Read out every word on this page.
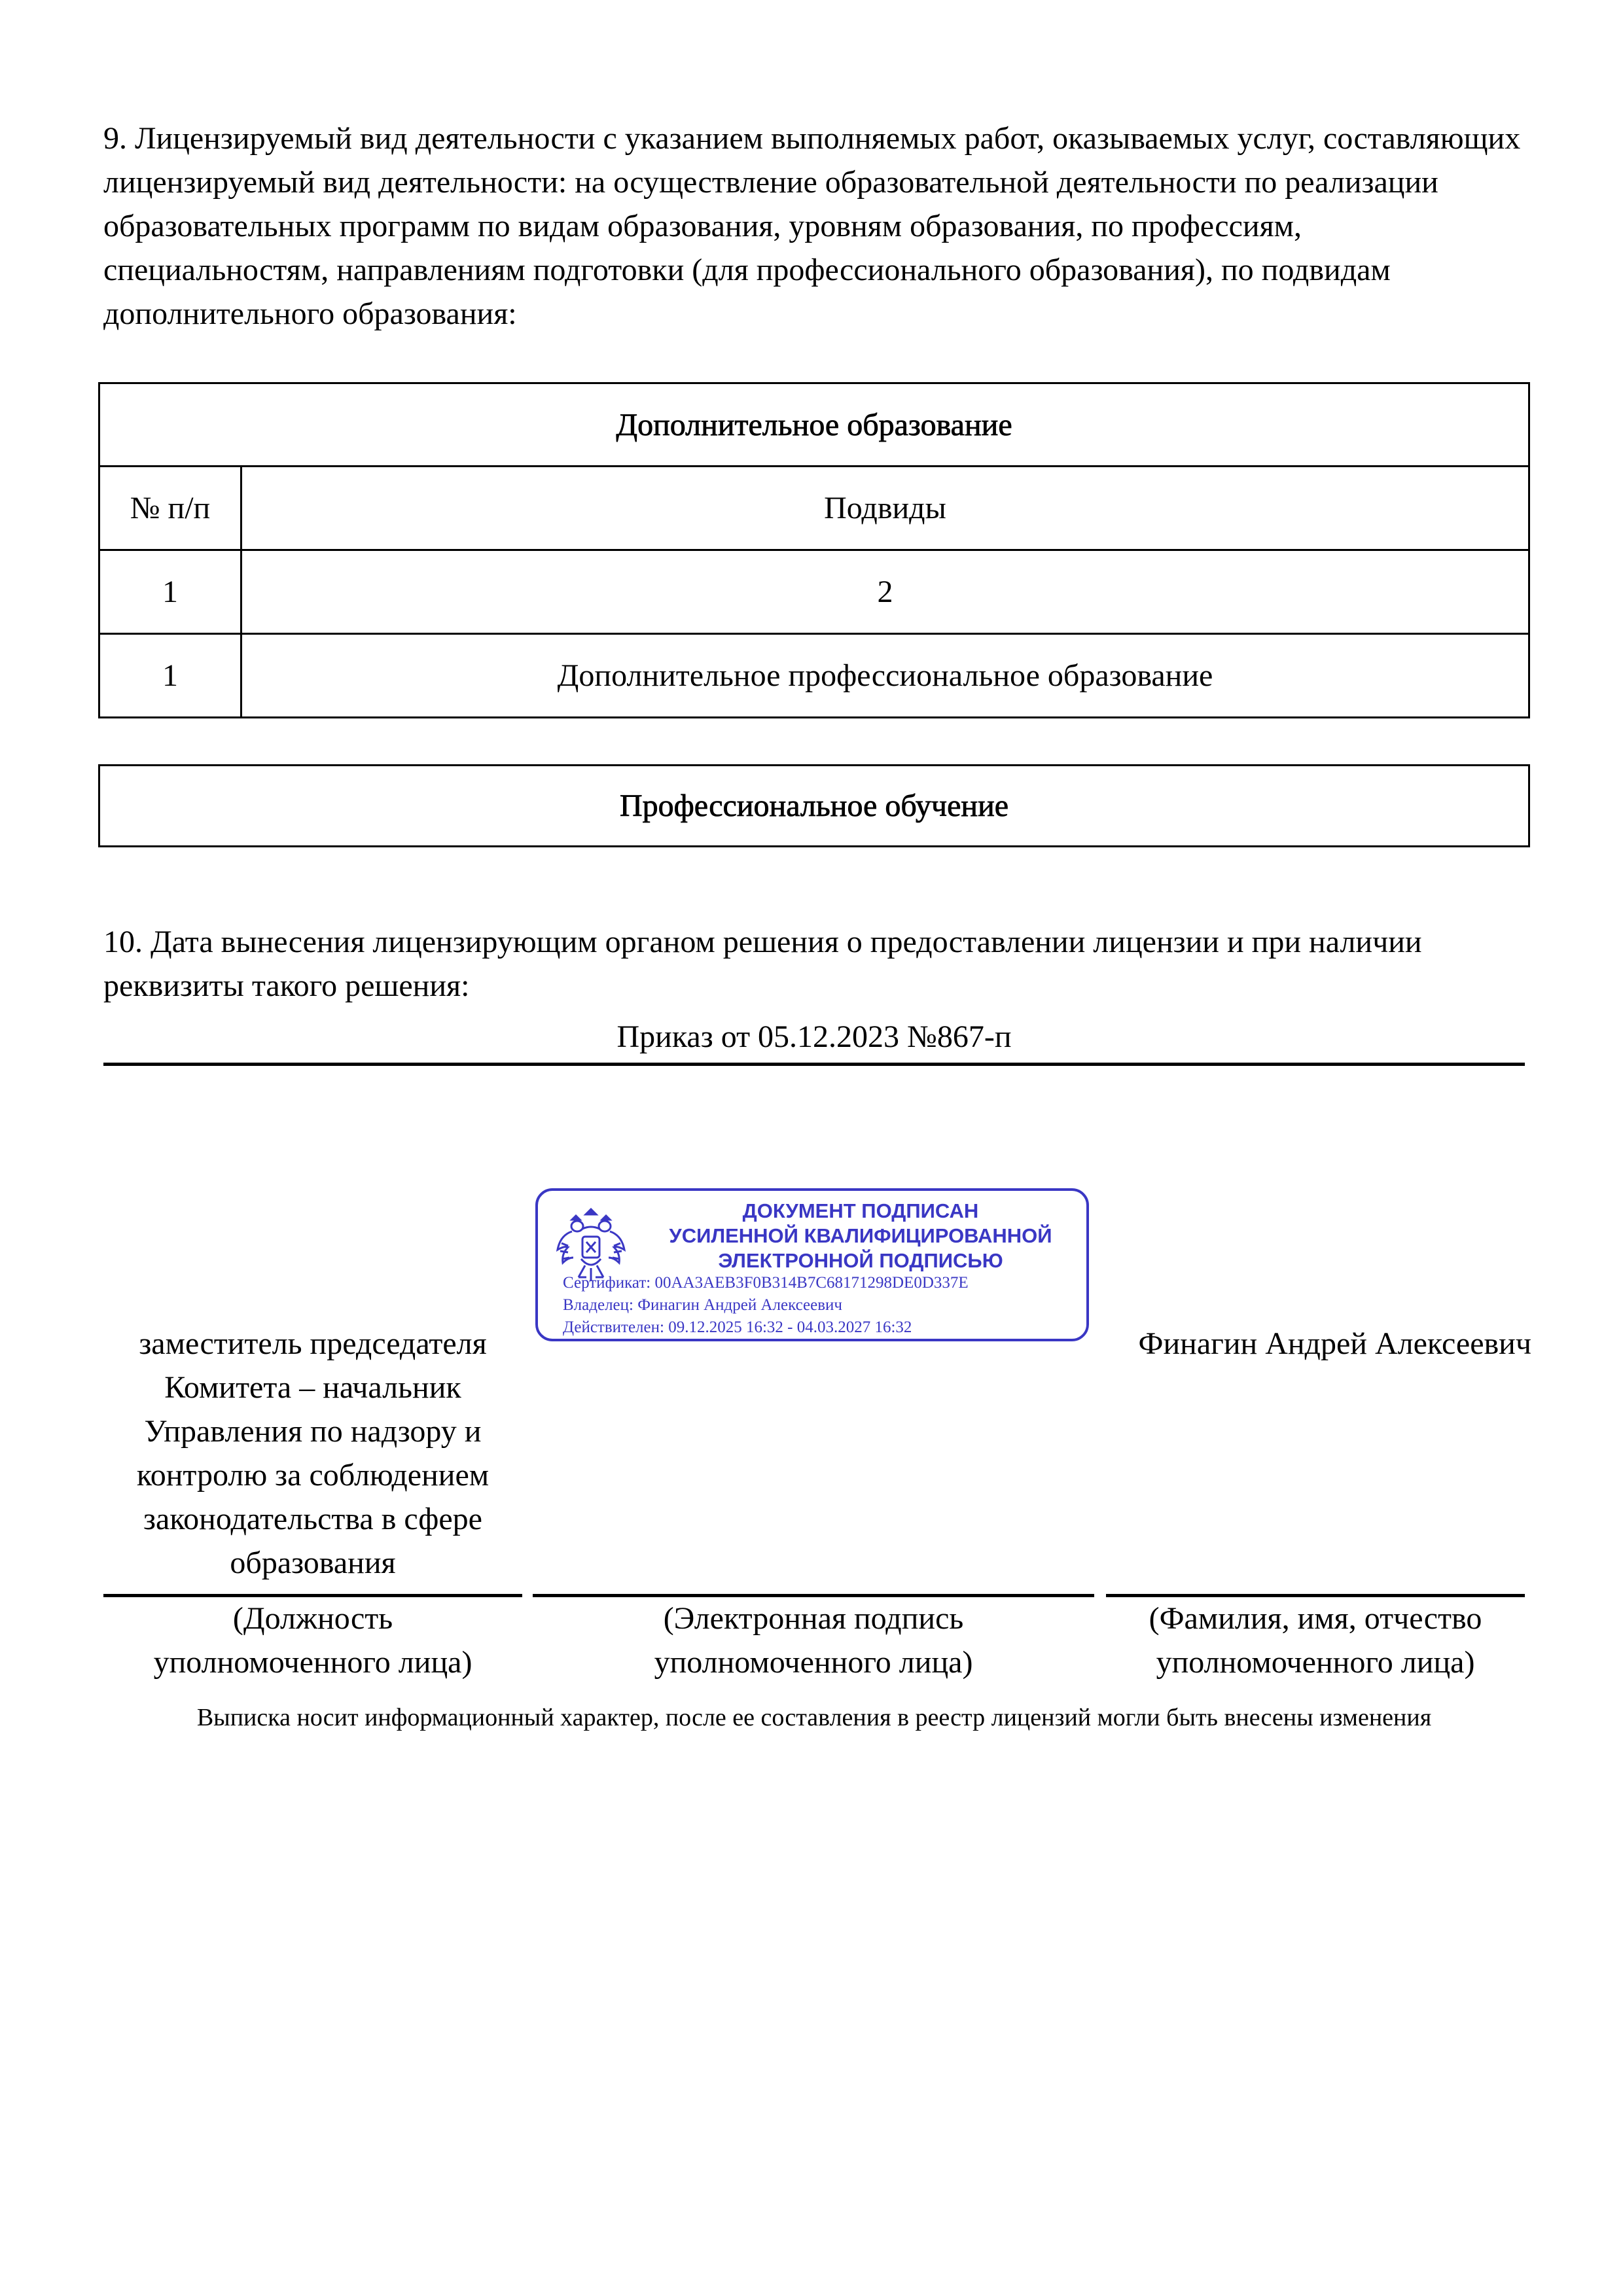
9. Лицензируемый вид деятельности с указанием выполняемых работ, оказываемых услуг, составляющих лицензируемый вид деятельности: на осуществление образовательной деятельности по реализации образовательных программ по видам образования, уровням образования, по профессиям, специальностям, направлениям подготовки (для профессионального образования), по подвидам дополнительного образования:
Дополнительное образование
№ п/п	Подвиды
1	2
1	Дополнительное профессиональное образование
Профессиональное обучение
10. Дата вынесения лицензирующим органом решения о предоставлении лицензии и при наличии реквизиты такого решения:
Приказ от 05.12.2023 №867-п
ДОКУМЕНТ ПОДПИСАН
УСИЛЕННОЙ КВАЛИФИЦИРОВАННОЙ
ЭЛЕКТРОННОЙ ПОДПИСЬЮ
Сертификат: 00AA3AEB3F0B314B7C68171298DE0D337E
Владелец: Финагин Андрей Алексеевич
Действителен: 09.12.2025 16:32 - 04.03.2027 16:32
заместитель председателя Комитета – начальник Управления по надзору и контролю за соблюдением законодательства в сфере образования
Финагин Андрей Алексеевич
(Должность
уполномоченного лица)
(Электронная подпись
уполномоченного лица)
(Фамилия, имя, отчество
уполномоченного лица)
Выписка носит информационный характер, после ее составления в реестр лицензий могли быть внесены изменения
